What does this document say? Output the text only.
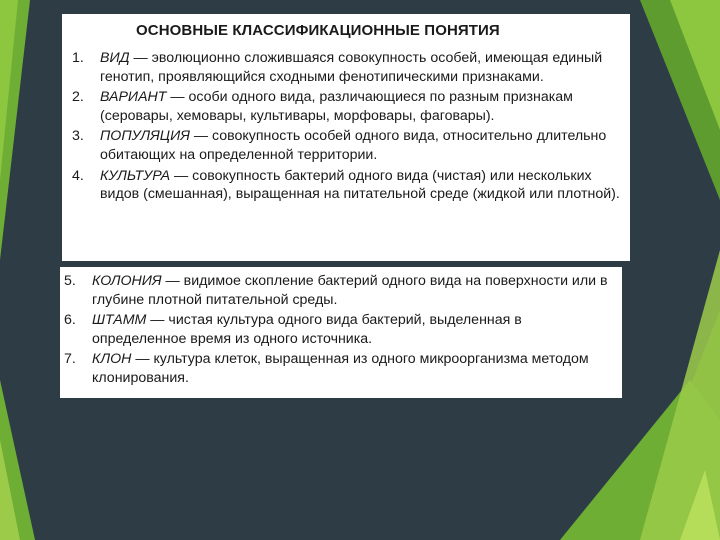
ОСНОВНЫЕ КЛАССИФИКАЦИОННЫЕ ПОНЯТИЯ
1.	ВИД — эволюционно сложившаяся совокупность особей, имеющая единый генотип, проявляющийся сходными фенотипическими признаками.
2.	ВАРИАНТ — особи одного вида, различающиеся по разным признакам (серовары, хемовары, культивары, морфовары, фаговары).
3.	ПОПУЛЯЦИЯ — совокупность особей одного вида, относительно длительно обитающих на определенной территории.
4.	КУЛЬТУРА — совокупность бактерий одного вида (чистая) или нескольких видов (смешанная), выращенная на питательной среде (жидкой или плотной).
5.	КОЛОНИЯ — видимое скопление бактерий одного вида на поверхности или в глубине плотной питательной среды.
6.	ШТАММ — чистая культура одного вида бактерий, выделенная в определенное время из одного источника.
7.	КЛОН — культура клеток, выращенная из одного микроорганизма методом клонирования.
